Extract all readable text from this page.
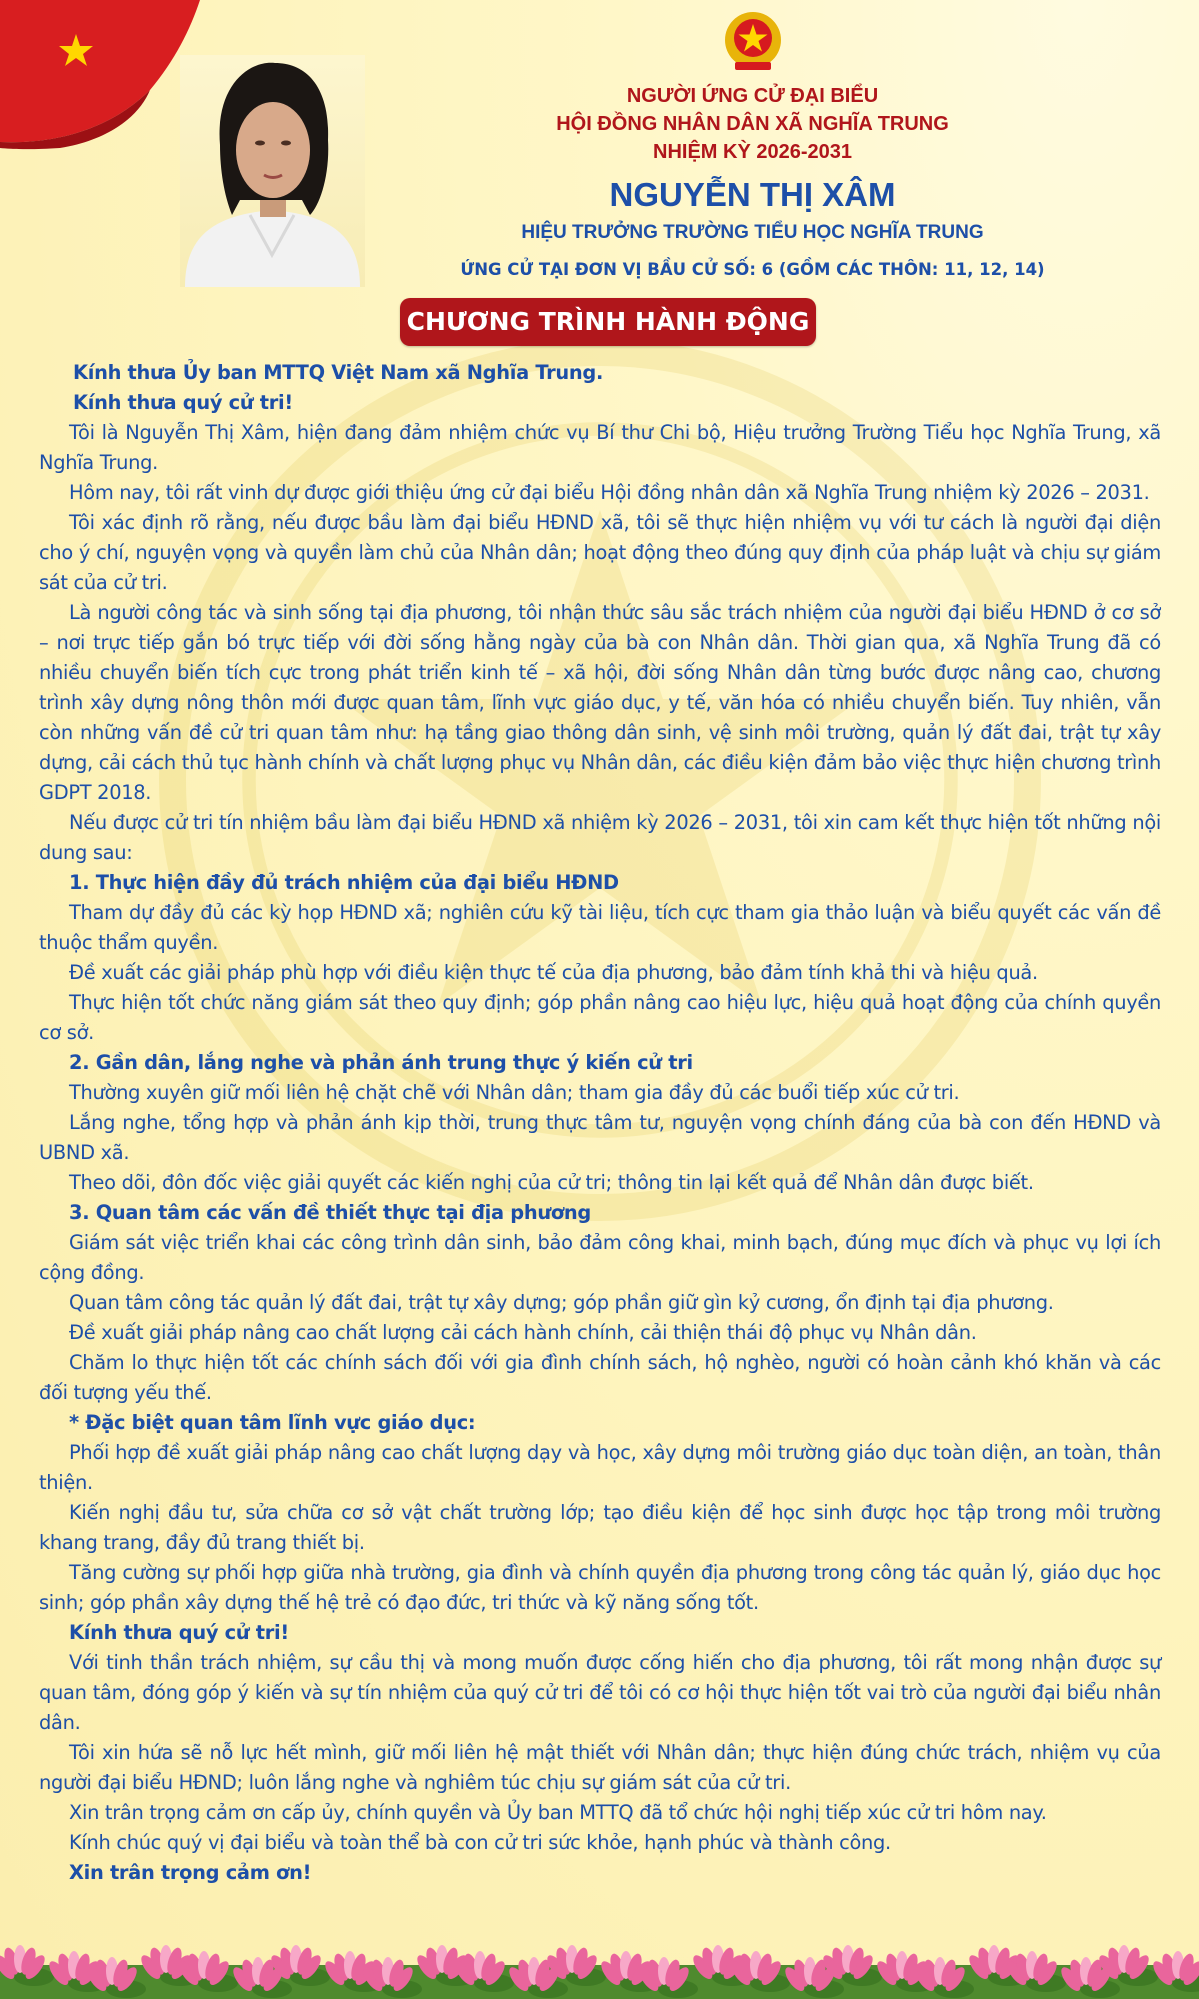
NGƯỜI ỨNG CỬ ĐẠI BIỂU

HỘI ĐỒNG NHÂN DÂN XÃ NGHĨA TRUNG

NHIỆM KỲ 2026-2031

NGUYỄN THỊ XÂM

HIỆU TRƯỞNG TRƯỜNG TIỂU HỌC NGHĨA TRUNG
ỨNG CỬ TẠI ĐƠN VỊ BẦU CỬ SỐ: 6 (GỒM CÁC THÔN: 11, 12, 14)
CHƯƠNG TRÌNH HÀNH ĐỘNG

Kính thưa Ủy ban MTTQ Việt Nam xã Nghĩa Trung.

Kính thưa quý cử tri!

Tôi là Nguyễn Thị Xâm, hiện đang đảm nhiệm chức vụ Bí thư Chi bộ, Hiệu trưởng Trường Tiểu học Nghĩa Trung, xã Nghĩa Trung.

Hôm nay, tôi rất vinh dự được giới thiệu ứng cử đại biểu Hội đồng nhân dân xã Nghĩa Trung nhiệm kỳ 2026 – 2031.

Tôi xác định rõ rằng, nếu được bầu làm đại biểu HĐND xã, tôi sẽ thực hiện nhiệm vụ với tư cách là người đại diện cho ý chí, nguyện vọng và quyền làm chủ của Nhân dân; hoạt động theo đúng quy định của pháp luật và chịu sự giám sát của cử tri.

Là người công tác và sinh sống tại địa phương, tôi nhận thức sâu sắc trách nhiệm của người đại biểu HĐND ở cơ sở – nơi trực tiếp gắn bó trực tiếp với đời sống hằng ngày của bà con Nhân dân. Thời gian qua, xã Nghĩa Trung đã có nhiều chuyển biến tích cực trong phát triển kinh tế – xã hội, đời sống Nhân dân từng bước được nâng cao, chương trình xây dựng nông thôn mới được quan tâm, lĩnh vực giáo dục, y tế, văn hóa có nhiều chuyển biến. Tuy nhiên, vẫn còn những vấn đề cử tri quan tâm như: hạ tầng giao thông dân sinh, vệ sinh môi trường, quản lý đất đai, trật tự xây dựng, cải cách thủ tục hành chính và chất lượng phục vụ Nhân dân, các điều kiện đảm bảo việc thực hiện chương trình GDPT 2018.

Nếu được cử tri tín nhiệm bầu làm đại biểu HĐND xã nhiệm kỳ 2026 – 2031, tôi xin cam kết thực hiện tốt những nội dung sau:

1. Thực hiện đầy đủ trách nhiệm của đại biểu HĐND

Tham dự đầy đủ các kỳ họp HĐND xã; nghiên cứu kỹ tài liệu, tích cực tham gia thảo luận và biểu quyết các vấn đề thuộc thẩm quyền.

Đề xuất các giải pháp phù hợp với điều kiện thực tế của địa phương, bảo đảm tính khả thi và hiệu quả.

Thực hiện tốt chức năng giám sát theo quy định; góp phần nâng cao hiệu lực, hiệu quả hoạt động của chính quyền cơ sở.

2. Gần dân, lắng nghe và phản ánh trung thực ý kiến cử tri

Thường xuyên giữ mối liên hệ chặt chẽ với Nhân dân; tham gia đầy đủ các buổi tiếp xúc cử tri.

Lắng nghe, tổng hợp và phản ánh kịp thời, trung thực tâm tư, nguyện vọng chính đáng của bà con đến HĐND và UBND xã.

Theo dõi, đôn đốc việc giải quyết các kiến nghị của cử tri; thông tin lại kết quả để Nhân dân được biết.

3. Quan tâm các vấn đề thiết thực tại địa phương

Giám sát việc triển khai các công trình dân sinh, bảo đảm công khai, minh bạch, đúng mục đích và phục vụ lợi ích cộng đồng.

Quan tâm công tác quản lý đất đai, trật tự xây dựng; góp phần giữ gìn kỷ cương, ổn định tại địa phương.

Đề xuất giải pháp nâng cao chất lượng cải cách hành chính, cải thiện thái độ phục vụ Nhân dân.

Chăm lo thực hiện tốt các chính sách đối với gia đình chính sách, hộ nghèo, người có hoàn cảnh khó khăn và các đối tượng yếu thế.

* Đặc biệt quan tâm lĩnh vực giáo dục:

Phối hợp đề xuất giải pháp nâng cao chất lượng dạy và học, xây dựng môi trường giáo dục toàn diện, an toàn, thân thiện.

Kiến nghị đầu tư, sửa chữa cơ sở vật chất trường lớp; tạo điều kiện để học sinh được học tập trong môi trường khang trang, đầy đủ trang thiết bị.

Tăng cường sự phối hợp giữa nhà trường, gia đình và chính quyền địa phương trong công tác quản lý, giáo dục học sinh; góp phần xây dựng thế hệ trẻ có đạo đức, tri thức và kỹ năng sống tốt.

Kính thưa quý cử tri!

Với tinh thần trách nhiệm, sự cầu thị và mong muốn được cống hiến cho địa phương, tôi rất mong nhận được sự quan tâm, đóng góp ý kiến và sự tín nhiệm của quý cử tri để tôi có cơ hội thực hiện tốt vai trò của người đại biểu nhân dân.

Tôi xin hứa sẽ nỗ lực hết mình, giữ mối liên hệ mật thiết với Nhân dân; thực hiện đúng chức trách, nhiệm vụ của người đại biểu HĐND; luôn lắng nghe và nghiêm túc chịu sự giám sát của cử tri.

Xin trân trọng cảm ơn cấp ủy, chính quyền và Ủy ban MTTQ đã tổ chức hội nghị tiếp xúc cử tri hôm nay.

Kính chúc quý vị đại biểu và toàn thể bà con cử tri sức khỏe, hạnh phúc và thành công.

Xin trân trọng cảm ơn!
